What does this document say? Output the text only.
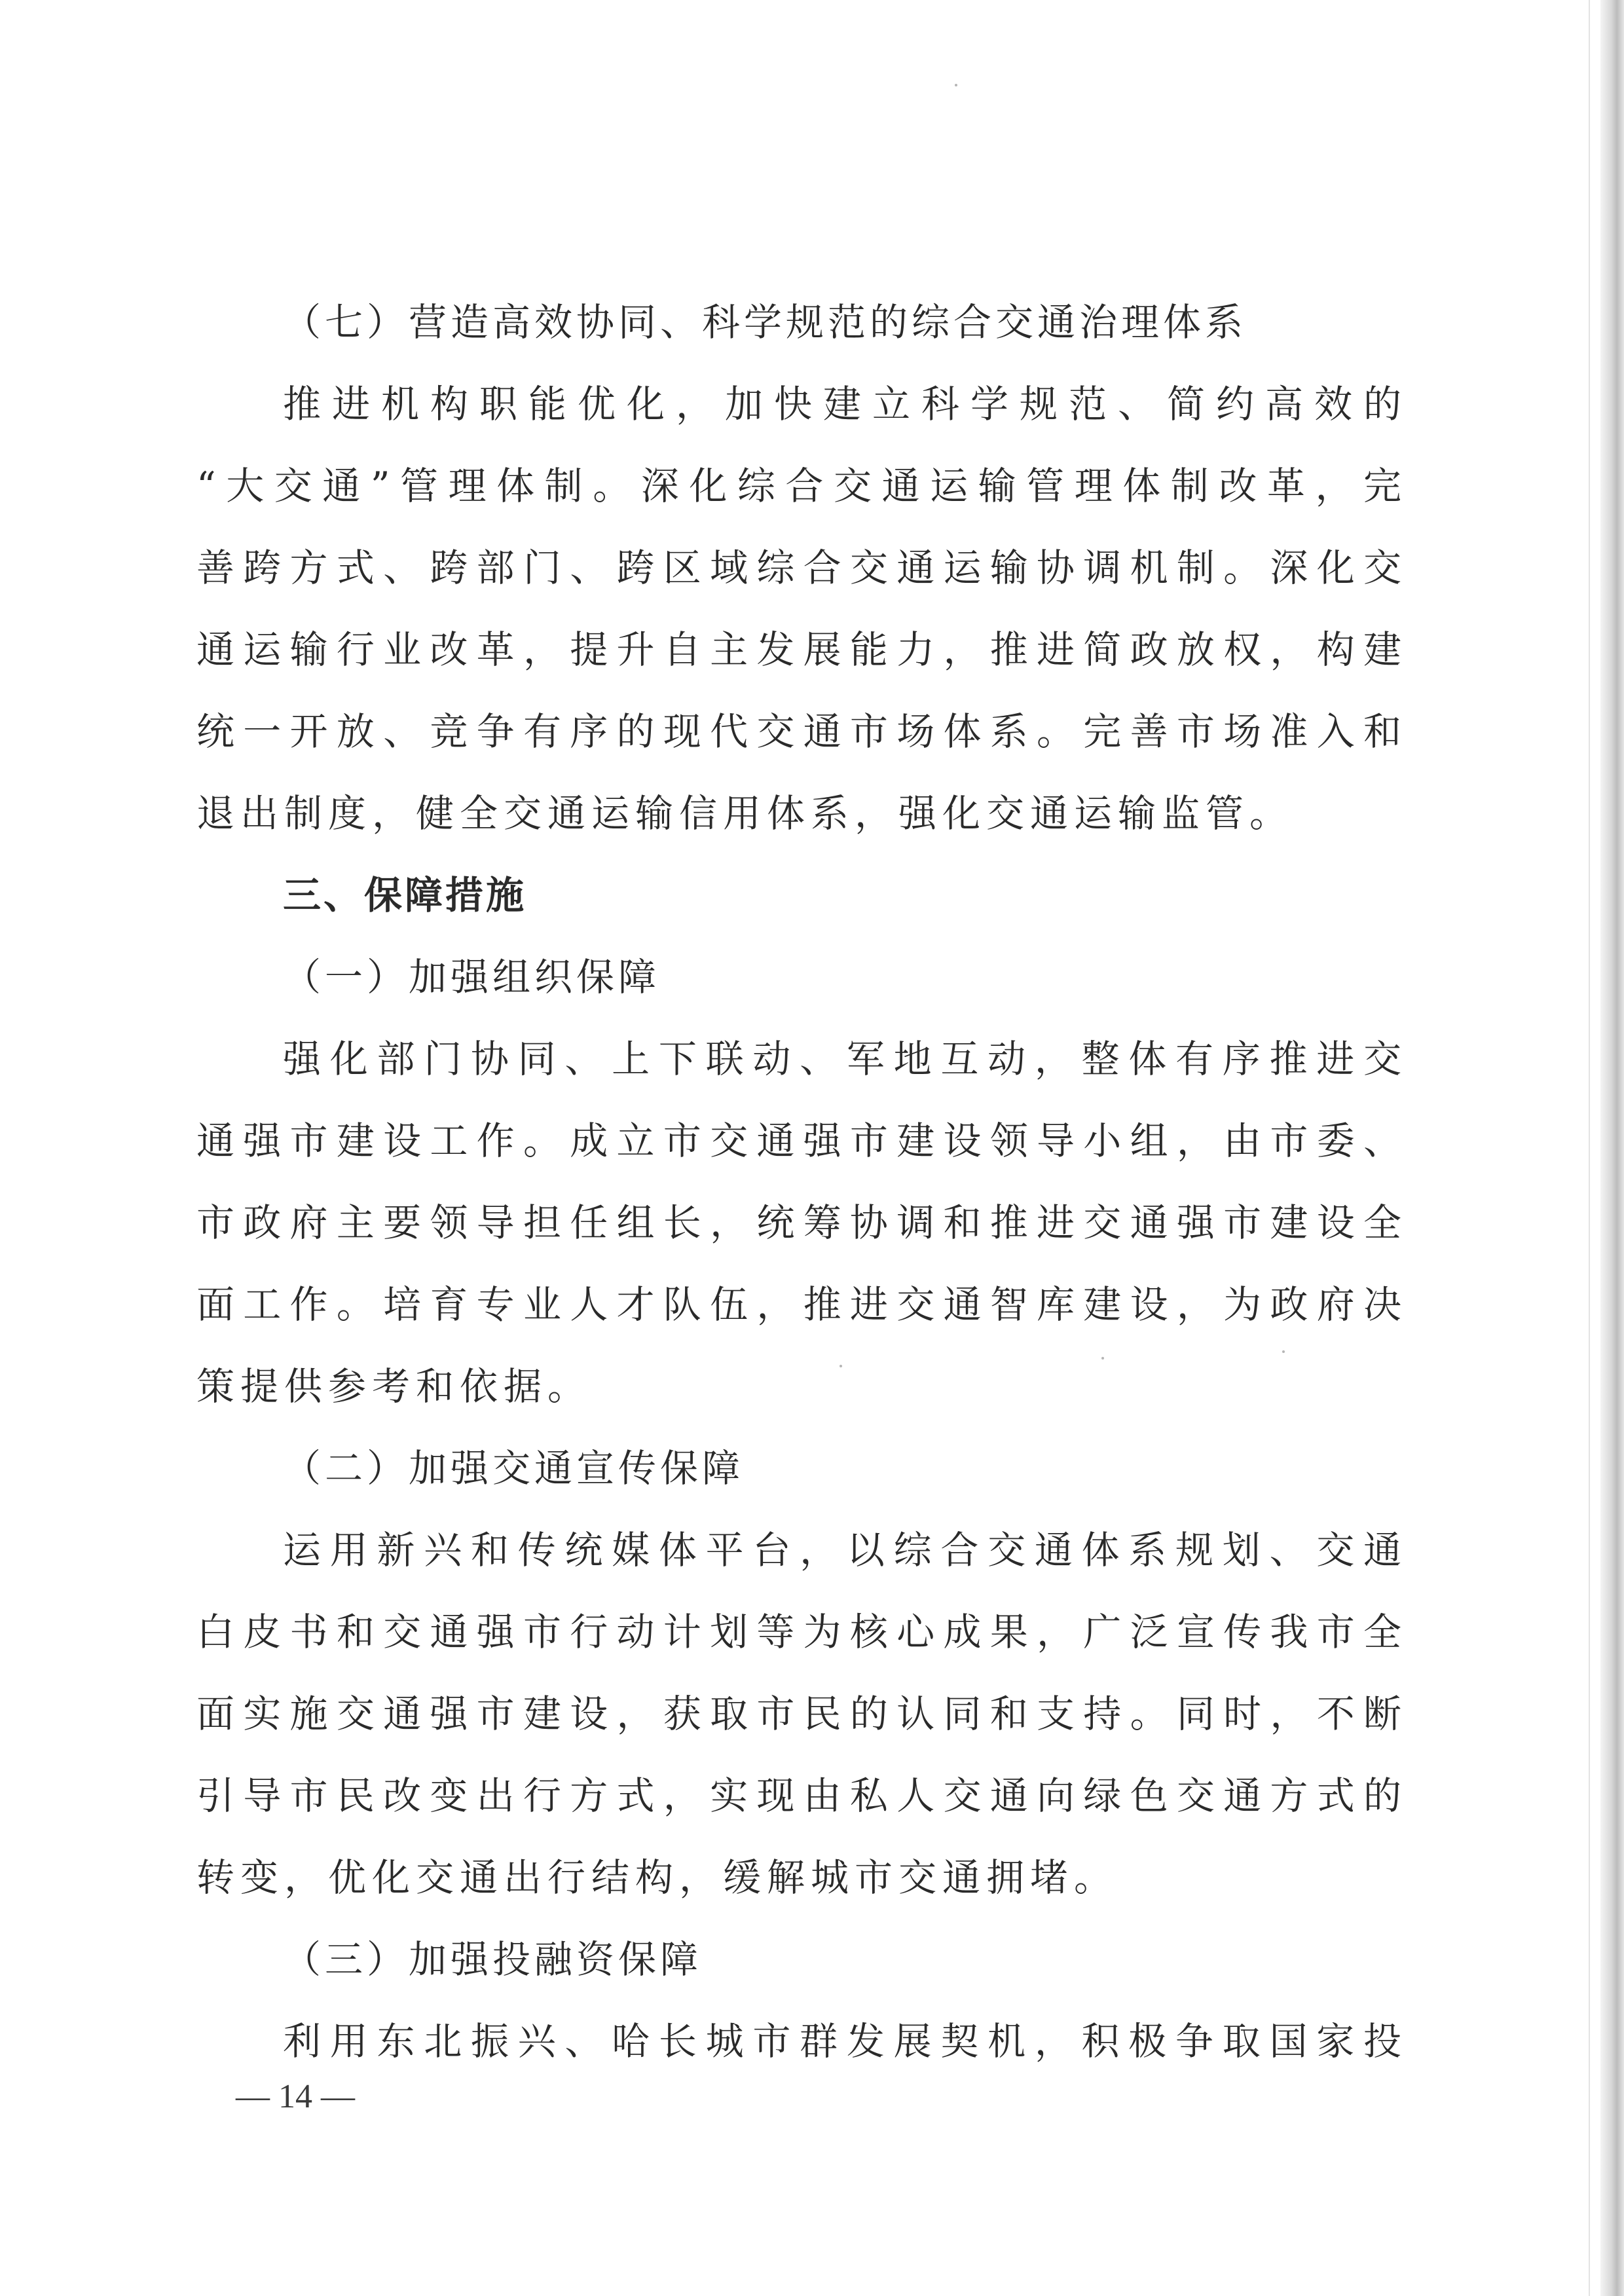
（七）营造高效协同、科学规范的综合交通治理体系
推进机构职能优化，加快建立科学规范、简约高效的
“大交通”管理体制。深化综合交通运输管理体制改革，完
善跨方式、跨部门、跨区域综合交通运输协调机制。深化交
通运输行业改革，提升自主发展能力，推进简政放权，构建
统一开放、竞争有序的现代交通市场体系。完善市场准入和
退出制度，健全交通运输信用体系，强化交通运输监管。
三、保障措施
（一）加强组织保障
强化部门协同、上下联动、军地互动，整体有序推进交
通强市建设工作。成立市交通强市建设领导小组，由市委、
市政府主要领导担任组长，统筹协调和推进交通强市建设全
面工作。培育专业人才队伍，推进交通智库建设，为政府决
策提供参考和依据。
（二）加强交通宣传保障
运用新兴和传统媒体平台，以综合交通体系规划、交通
白皮书和交通强市行动计划等为核心成果，广泛宣传我市全
面实施交通强市建设，获取市民的认同和支持。同时，不断
引导市民改变出行方式，实现由私人交通向绿色交通方式的
转变，优化交通出行结构，缓解城市交通拥堵。
（三）加强投融资保障
利用东北振兴、哈长城市群发展契机，积极争取国家投
— 14 —
